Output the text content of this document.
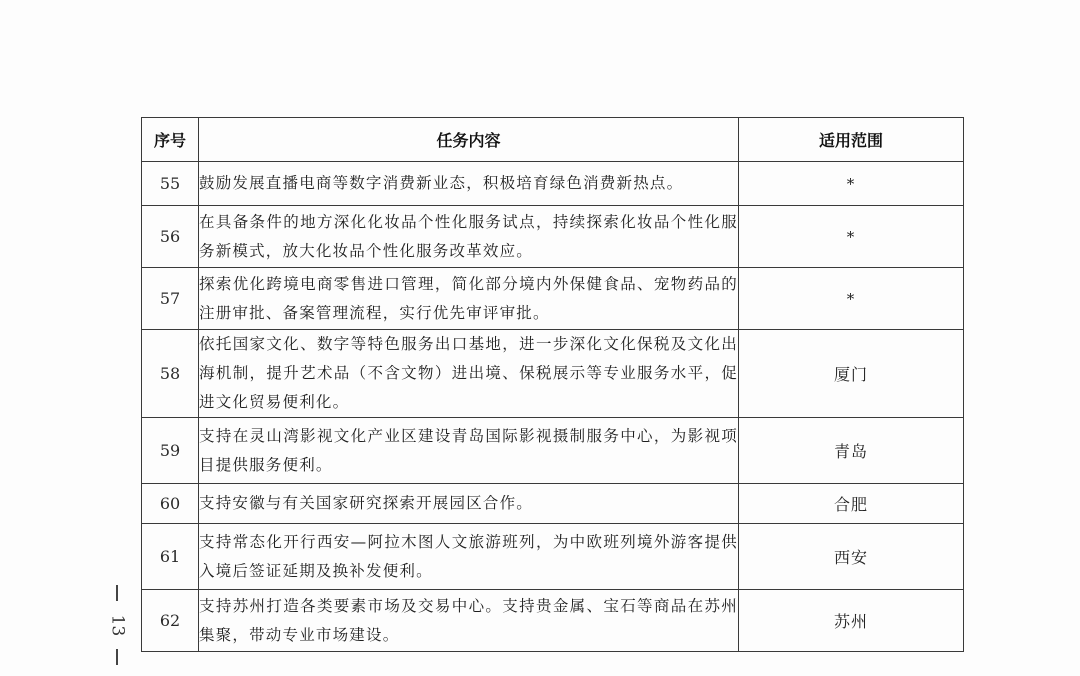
序号	任务内容	适用范围
55	鼓励发展直播电商等数字消费新业态，积极培育绿色消费新热点。	*
56	在具备条件的地方深化化妆品个性化服务试点，持续探索化妆品个性化服务新模式，放大化妆品个性化服务改革效应。	*
57	探索优化跨境电商零售进口管理，简化部分境内外保健食品、宠物药品的注册审批、备案管理流程，实行优先审评审批。	*
58	依托国家文化、数字等特色服务出口基地，进一步深化文化保税及文化出海机制，提升艺术品（不含文物）进出境、保税展示等专业服务水平，促进文化贸易便利化。	厦门
59	支持在灵山湾影视文化产业区建设青岛国际影视摄制服务中心，为影视项目提供服务便利。	青岛
60	支持安徽与有关国家研究探索开展园区合作。	合肥
61	支持常态化开行西安—阿拉木图人文旅游班列，为中欧班列境外游客提供入境后签证延期及换补发便利。	西安
62	支持苏州打造各类要素市场及交易中心。支持贵金属、宝石等商品在苏州集聚，带动专业市场建设。	苏州
13
